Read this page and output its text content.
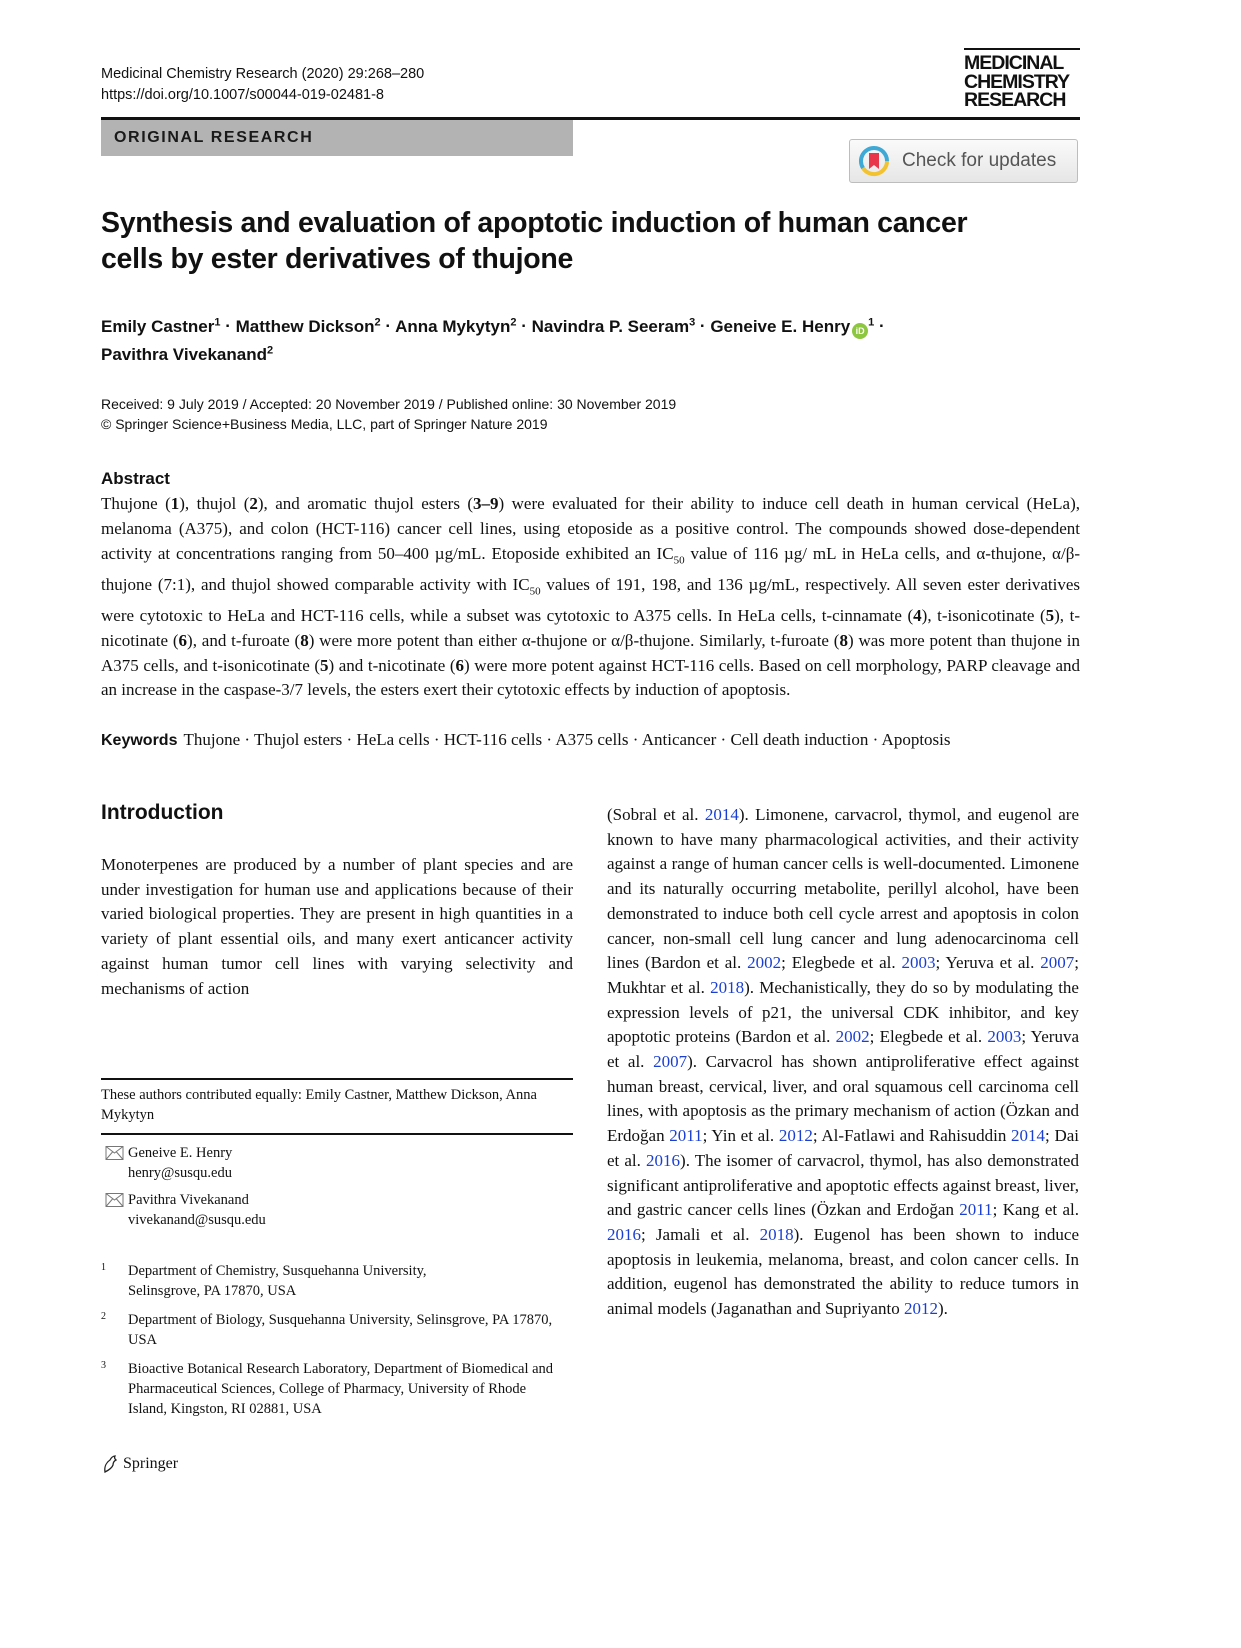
Medicinal Chemistry Research (2020) 29:268–280
https://doi.org/10.1007/s00044-019-02481-8
MEDICINAL
CHEMISTRY
RESEARCH
ORIGINAL RESEARCH
Check for updates
Synthesis and evaluation of apoptotic induction of human cancer
cells by ester derivatives of thujone
Emily Castner$^1$ · Matthew Dickson$^2$ · Anna Mykytyn$^2$ · Navindra P. Seeram$^3$ · Geneive E. Henry $iD^1$ ·
Pavithra Vivekanand$^2$
Received: 9 July 2019 / Accepted: 20 November 2019 / Published online: 30 November 2019
© Springer Science+Business Media, LLC, part of Springer Nature 2019
Abstract
Thujone (1), thujol (2), and aromatic thujol esters (3–9) were evaluated for their ability to induce cell death in human cervical (HeLa), melanoma (A375), and colon (HCT-116) cancer cell lines, using etoposide as a positive control. The compounds showed dose-dependent activity at concentrations ranging from 50–400 µg/mL. Etoposide exhibited an $IC_{50}$ value of 116 µg/ mL in HeLa cells, and α-thujone, α/β-thujone (7:1), and thujol showed comparable activity with $IC_{50}$ values of 191, 198, and 136 µg/mL, respectively. All seven ester derivatives were cytotoxic to HeLa and HCT-116 cells, while a subset was cytotoxic to A375 cells. In HeLa cells, t-cinnamate (4), t-isonicotinate (5), t-nicotinate (6), and t-furoate (8) were more potent than either α-thujone or α/β-thujone. Similarly, t-furoate (8) was more potent than thujone in A375 cells, and t-isonicotinate (5) and t-nicotinate (6) were more potent against HCT-116 cells. Based on cell morphology, PARP cleavage and an increase in the caspase-3/7 levels, the esters exert their cytotoxic effects by induction of apoptosis.
Keywords Thujone · Thujol esters · HeLa cells · HCT-116 cells · A375 cells · Anticancer · Cell death induction · Apoptosis
Introduction
Monoterpenes are produced by a number of plant species and are under investigation for human use and applications because of their varied biological properties. They are present in high quantities in a variety of plant essential oils, and many exert anticancer activity against human tumor cell lines with varying selectivity and mechanisms of action
(Sobral et al. 2014). Limonene, carvacrol, thymol, and eugenol are known to have many pharmacological activities, and their activity against a range of human cancer cells is well-documented. Limonene and its naturally occurring metabolite, perillyl alcohol, have been demonstrated to induce both cell cycle arrest and apoptosis in colon cancer, non-small cell lung cancer and lung adenocarcinoma cell lines (Bardon et al. 2002; Elegbede et al. 2003; Yeruva et al. 2007; Mukhtar et al. 2018). Mechanistically, they do so by modulating the expression levels of p21, the universal CDK inhibitor, and key apoptotic proteins (Bardon et al. 2002; Elegbede et al. 2003; Yeruva et al. 2007). Carvacrol has shown antiproliferative effect against human breast, cervical, liver, and oral squamous cell carcinoma cell lines, with apoptosis as the primary mechanism of action (Özkan and Erdoğan 2011; Yin et al. 2012; Al-Fatlawi and Rahisuddin 2014; Dai et al. 2016). The isomer of carvacrol, thymol, has also demonstrated significant antiproliferative and apoptotic effects against breast, liver, and gastric cancer cells lines (Özkan and Erdoğan 2011; Kang et al. 2016; Jamali et al. 2018). Eugenol has been shown to induce apoptosis in leukemia, melanoma, breast, and colon cancer cells. In addition, eugenol has demonstrated the ability to reduce tumors in animal models (Jaganathan and Supriyanto 2012).
These authors contributed equally: Emily Castner, Matthew Dickson, Anna Mykytyn
Geneive E. Henry
henry@susqu.edu
Pavithra Vivekanand
vivekanand@susqu.edu
1	Department of Chemistry, Susquehanna University, Selinsgrove, PA 17870, USA
2	Department of Biology, Susquehanna University, Selinsgrove, PA 17870, USA
3	Bioactive Botanical Research Laboratory, Department of Biomedical and Pharmaceutical Sciences, College of Pharmacy, University of Rhode Island, Kingston, RI 02881, USA
Springer
